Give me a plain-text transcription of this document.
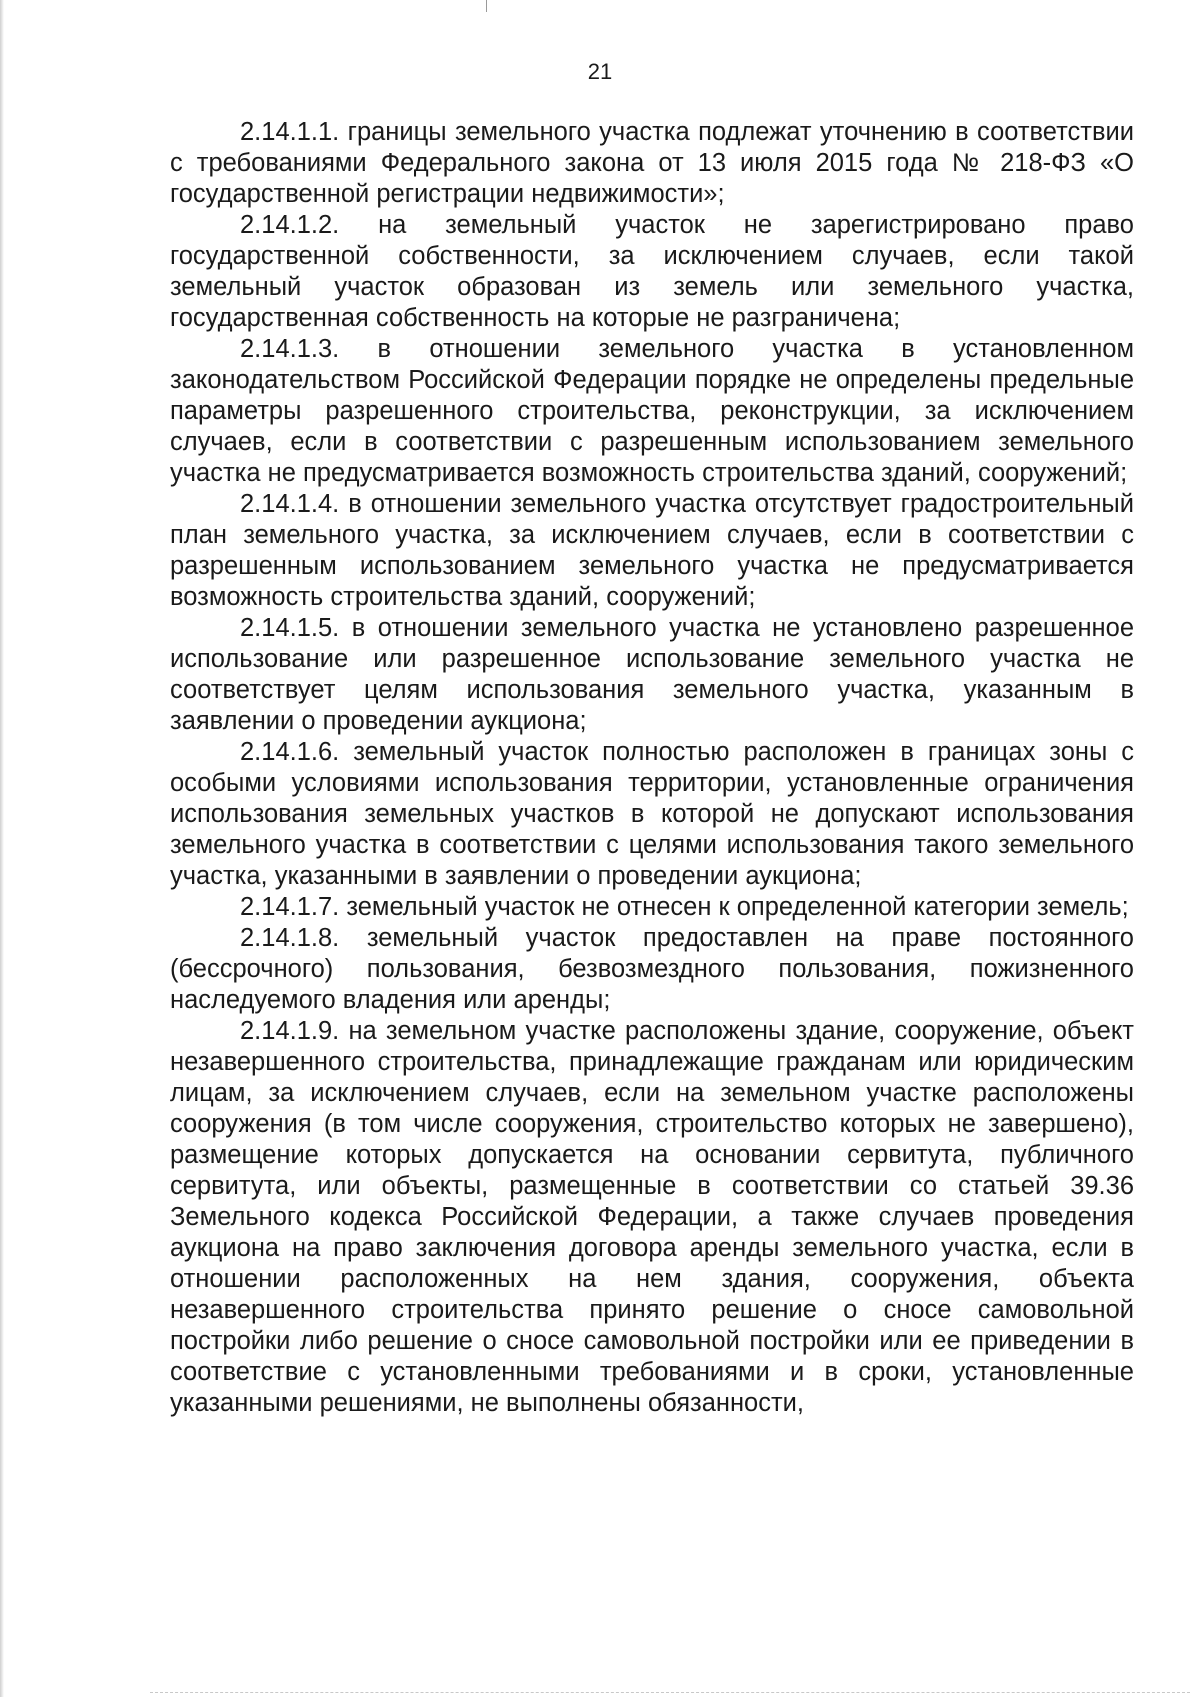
21

2.14.1.1. границы земельного участка подлежат уточнению в соответствии с требованиями Федерального закона от 13 июля 2015 года № 218-ФЗ «О государственной регистрации недвижимости»;

2.14.1.2. на земельный участок не зарегистрировано право государственной собственности, за исключением случаев, если такой земельный участок образован из земель или земельного участка, государственная собственность на которые не разграничена;

2.14.1.3. в отношении земельного участка в установленном законодательством Российской Федерации порядке не определены предельные параметры разрешенного строительства, реконструкции, за исключением случаев, если в соответствии с разрешенным использованием земельного участка не предусматривается возможность строительства зданий, сооружений;

2.14.1.4. в отношении земельного участка отсутствует градостроительный план земельного участка, за исключением случаев, если в соответствии с разрешенным использованием земельного участка не предусматривается возможность строительства зданий, сооружений;

2.14.1.5. в отношении земельного участка не установлено разрешенное использование или разрешенное использование земельного участка не соответствует целям использования земельного участка, указанным в заявлении о проведении аукциона;

2.14.1.6. земельный участок полностью расположен в границах зоны с особыми условиями использования территории, установленные ограничения использования земельных участков в которой не допускают использования земельного участка в соответствии с целями использования такого земельного участка, указанными в заявлении о проведении аукциона;

2.14.1.7. земельный участок не отнесен к определенной категории земель;

2.14.1.8. земельный участок предоставлен на праве постоянного (бессрочного) пользования, безвозмездного пользования, пожизненного наследуемого владения или аренды;

2.14.1.9. на земельном участке расположены здание, сооружение, объект незавершенного строительства, принадлежащие гражданам или юридическим лицам, за исключением случаев, если на земельном участке расположены сооружения (в том числе сооружения, строительство которых не завершено), размещение которых допускается на основании сервитута, публичного сервитута, или объекты, размещенные в соответствии со статьей 39.36 Земельного кодекса Российской Федерации, а также случаев проведения аукциона на право заключения договора аренды земельного участка, если в отношении расположенных на нем здания, сооружения, объекта незавершенного строительства принято решение о сносе самовольной постройки либо решение о сносе самовольной постройки или ее приведении в соответствие с установленными требованиями и в сроки, установленные указанными решениями, не выполнены обязанности,
